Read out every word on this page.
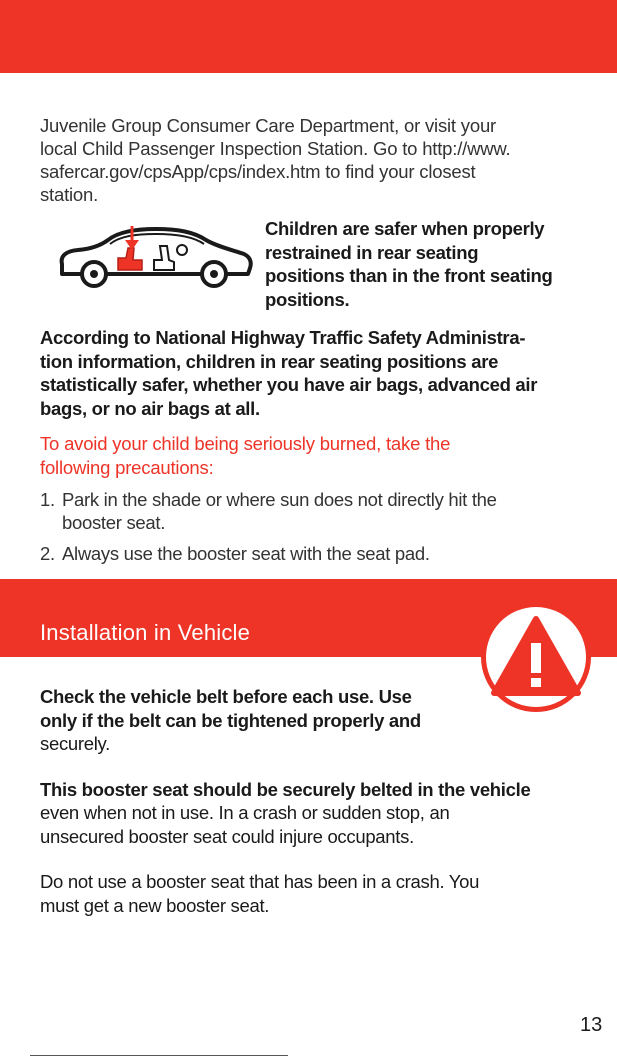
Juvenile Group Consumer Care Department, or visit your
local Child Passenger Inspection Station. Go to http://www.
safercar.gov/cpsApp/cps/index.htm to find your closest
station.
Children are safer when properly
restrained in rear seating
positions than in the front seating
positions.
According to National Highway Traffic Safety Administra-
tion information, children in rear seating positions are
statistically safer, whether you have air bags, advanced air
bags, or no air bags at all.
To avoid your child being seriously burned, take the
following precautions:
1. Park in the shade or where sun does not directly hit the
booster seat.
2. Always use the booster seat with the seat pad.
Installation in Vehicle

Check the vehicle belt before each use. Use
only if the belt can be tightened properly and
securely.

This booster seat should be securely belted in the vehicle
even when not in use. In a crash or sudden stop, an
unsecured booster seat could injure occupants.

Do not use a booster seat that has been in a crash. You
must get a new booster seat.

13
